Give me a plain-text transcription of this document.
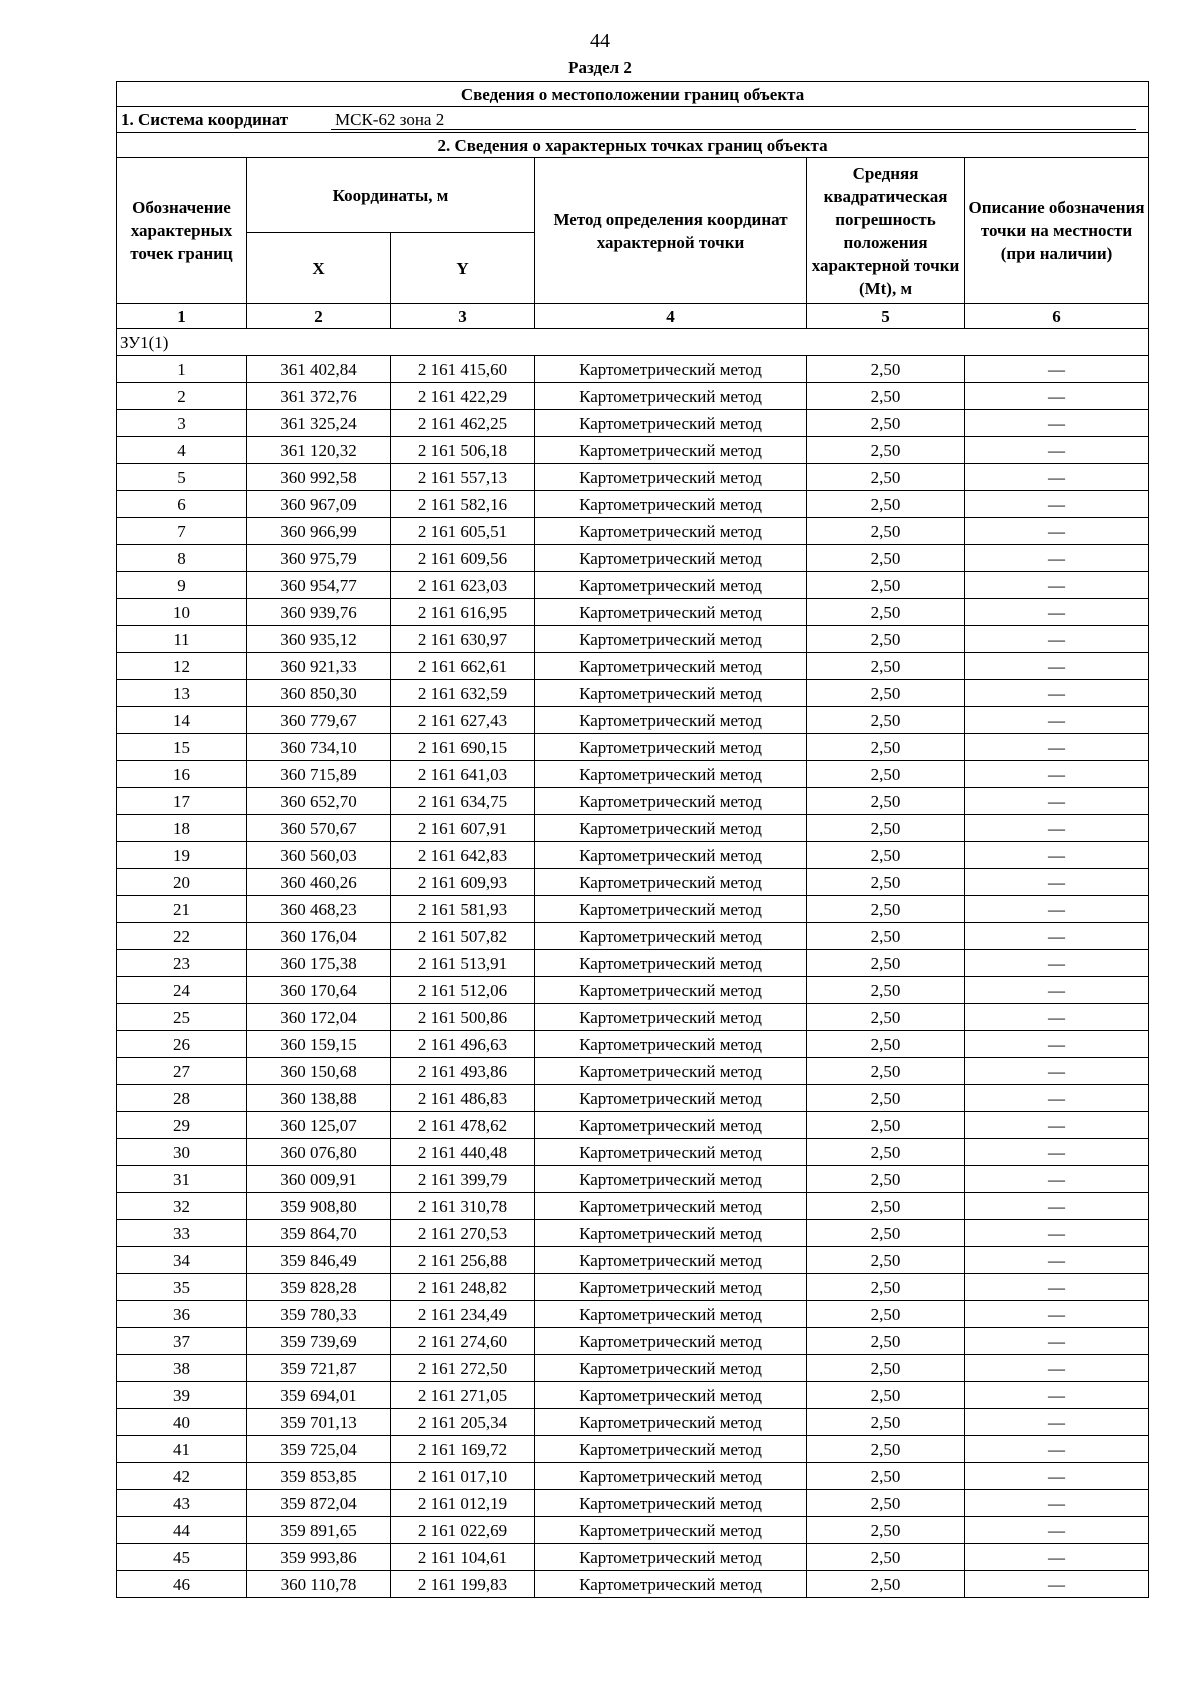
44
Раздел 2
Сведения о местоположении границ объекта					

1. Система координат МСК-62 зона 2					

2. Сведения о характерных точках границ объекта					
Обозначение характерных точек границ	Координаты, м		Метод определения координат характерной точки	Средняя квадратическая погрешность положения характерной точки (Mt), м	Описание обозначения точки на местности (при наличии)
	X	Y			
1	2	3	4	5	6
ЗУ1(1)					
1	361 402,84	2 161 415,60	Картометрический метод	2,50	—
2	361 372,76	2 161 422,29	Картометрический метод	2,50	—
3	361 325,24	2 161 462,25	Картометрический метод	2,50	—
4	361 120,32	2 161 506,18	Картометрический метод	2,50	—
5	360 992,58	2 161 557,13	Картометрический метод	2,50	—
6	360 967,09	2 161 582,16	Картометрический метод	2,50	—
7	360 966,99	2 161 605,51	Картометрический метод	2,50	—
8	360 975,79	2 161 609,56	Картометрический метод	2,50	—
9	360 954,77	2 161 623,03	Картометрический метод	2,50	—
10	360 939,76	2 161 616,95	Картометрический метод	2,50	—
11	360 935,12	2 161 630,97	Картометрический метод	2,50	—
12	360 921,33	2 161 662,61	Картометрический метод	2,50	—
13	360 850,30	2 161 632,59	Картометрический метод	2,50	—
14	360 779,67	2 161 627,43	Картометрический метод	2,50	—
15	360 734,10	2 161 690,15	Картометрический метод	2,50	—
16	360 715,89	2 161 641,03	Картометрический метод	2,50	—
17	360 652,70	2 161 634,75	Картометрический метод	2,50	—
18	360 570,67	2 161 607,91	Картометрический метод	2,50	—
19	360 560,03	2 161 642,83	Картометрический метод	2,50	—
20	360 460,26	2 161 609,93	Картометрический метод	2,50	—
21	360 468,23	2 161 581,93	Картометрический метод	2,50	—
22	360 176,04	2 161 507,82	Картометрический метод	2,50	—
23	360 175,38	2 161 513,91	Картометрический метод	2,50	—
24	360 170,64	2 161 512,06	Картометрический метод	2,50	—
25	360 172,04	2 161 500,86	Картометрический метод	2,50	—
26	360 159,15	2 161 496,63	Картометрический метод	2,50	—
27	360 150,68	2 161 493,86	Картометрический метод	2,50	—
28	360 138,88	2 161 486,83	Картометрический метод	2,50	—
29	360 125,07	2 161 478,62	Картометрический метод	2,50	—
30	360 076,80	2 161 440,48	Картометрический метод	2,50	—
31	360 009,91	2 161 399,79	Картометрический метод	2,50	—
32	359 908,80	2 161 310,78	Картометрический метод	2,50	—
33	359 864,70	2 161 270,53	Картометрический метод	2,50	—
34	359 846,49	2 161 256,88	Картометрический метод	2,50	—
35	359 828,28	2 161 248,82	Картометрический метод	2,50	—
36	359 780,33	2 161 234,49	Картометрический метод	2,50	—
37	359 739,69	2 161 274,60	Картометрический метод	2,50	—
38	359 721,87	2 161 272,50	Картометрический метод	2,50	—
39	359 694,01	2 161 271,05	Картометрический метод	2,50	—
40	359 701,13	2 161 205,34	Картометрический метод	2,50	—
41	359 725,04	2 161 169,72	Картометрический метод	2,50	—
42	359 853,85	2 161 017,10	Картометрический метод	2,50	—
43	359 872,04	2 161 012,19	Картометрический метод	2,50	—
44	359 891,65	2 161 022,69	Картометрический метод	2,50	—
45	359 993,86	2 161 104,61	Картометрический метод	2,50	—
46	360 110,78	2 161 199,83	Картометрический метод	2,50	—
